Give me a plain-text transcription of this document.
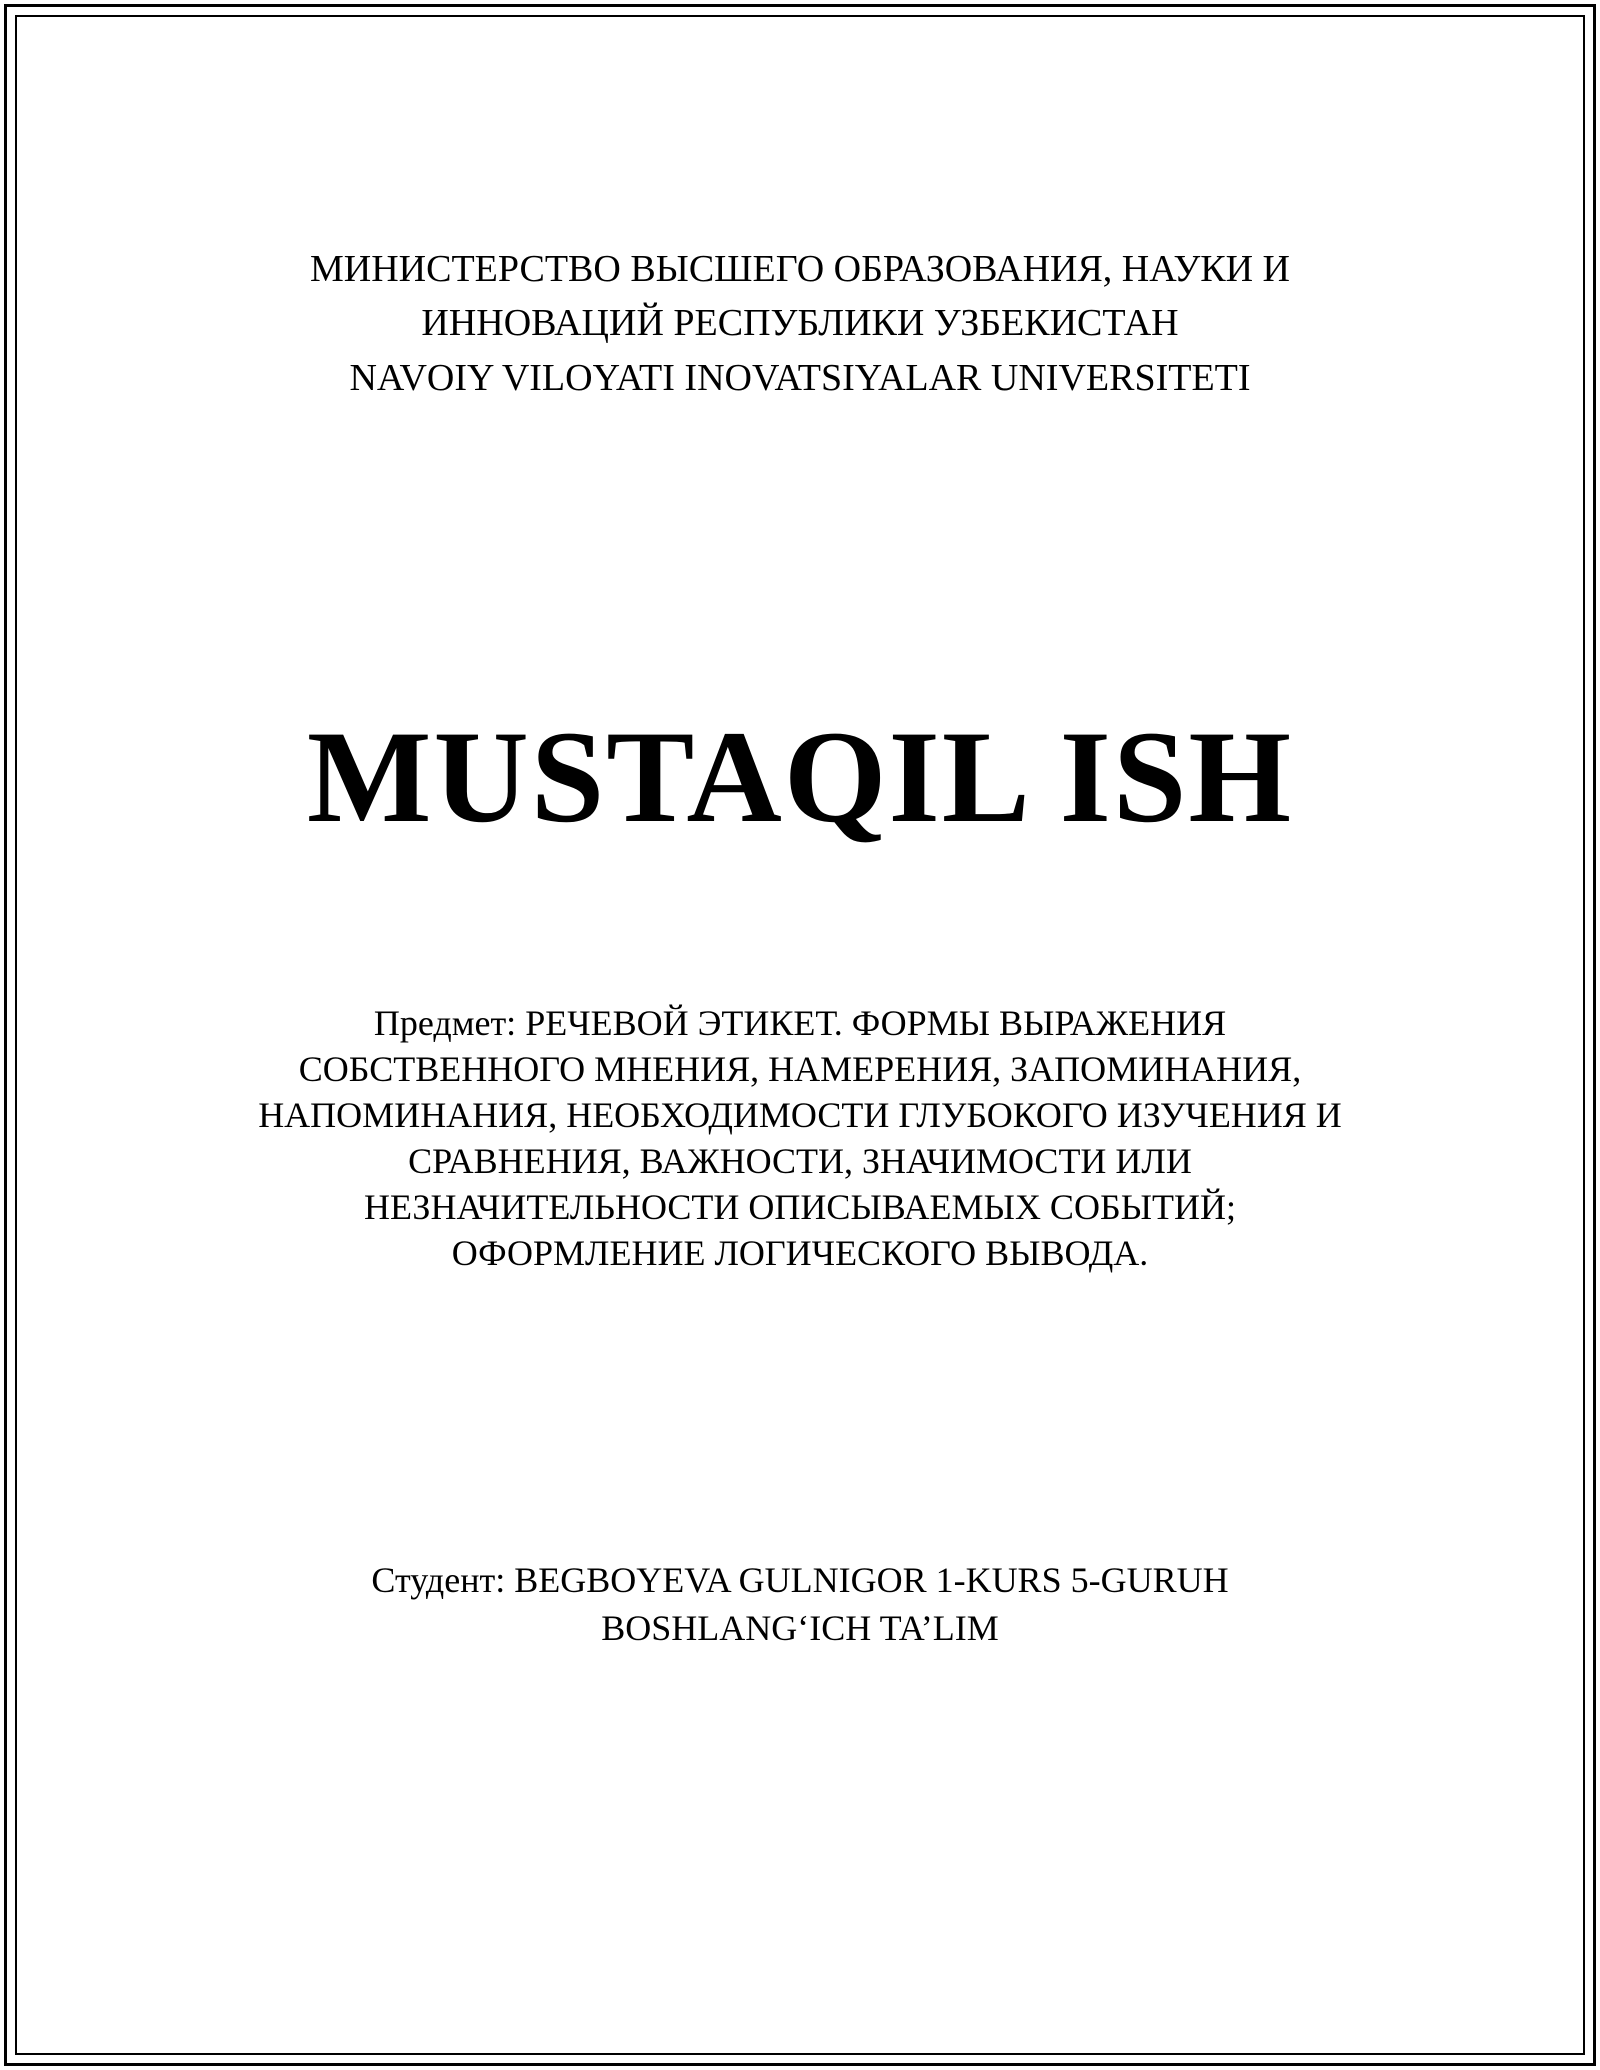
МИНИСТЕРСТВО ВЫСШЕГО ОБРАЗОВАНИЯ, НАУКИ И
ИННОВАЦИЙ РЕСПУБЛИКИ УЗБЕКИСТАН
NAVOIY VILOYATI INOVATSIYALAR UNIVERSITETI
MUSTAQIL ISH
Предмет: РЕЧЕВОЙ ЭТИКЕТ. ФОРМЫ ВЫРАЖЕНИЯ
СОБСТВЕННОГО МНЕНИЯ, НАМЕРЕНИЯ, ЗАПОМИНАНИЯ,
НАПОМИНАНИЯ, НЕОБХОДИМОСТИ ГЛУБОКОГО ИЗУЧЕНИЯ И
СРАВНЕНИЯ, ВАЖНОСТИ, ЗНАЧИМОСТИ ИЛИ
НЕЗНАЧИТЕЛЬНОСТИ ОПИСЫВАЕМЫХ СОБЫТИЙ;
ОФОРМЛЕНИЕ ЛОГИЧЕСКОГО ВЫВОДА.
Студент: BEGBOYEVA GULNIGOR 1-KURS 5-GURUH
BOSHLANG‘ICH TA’LIM
